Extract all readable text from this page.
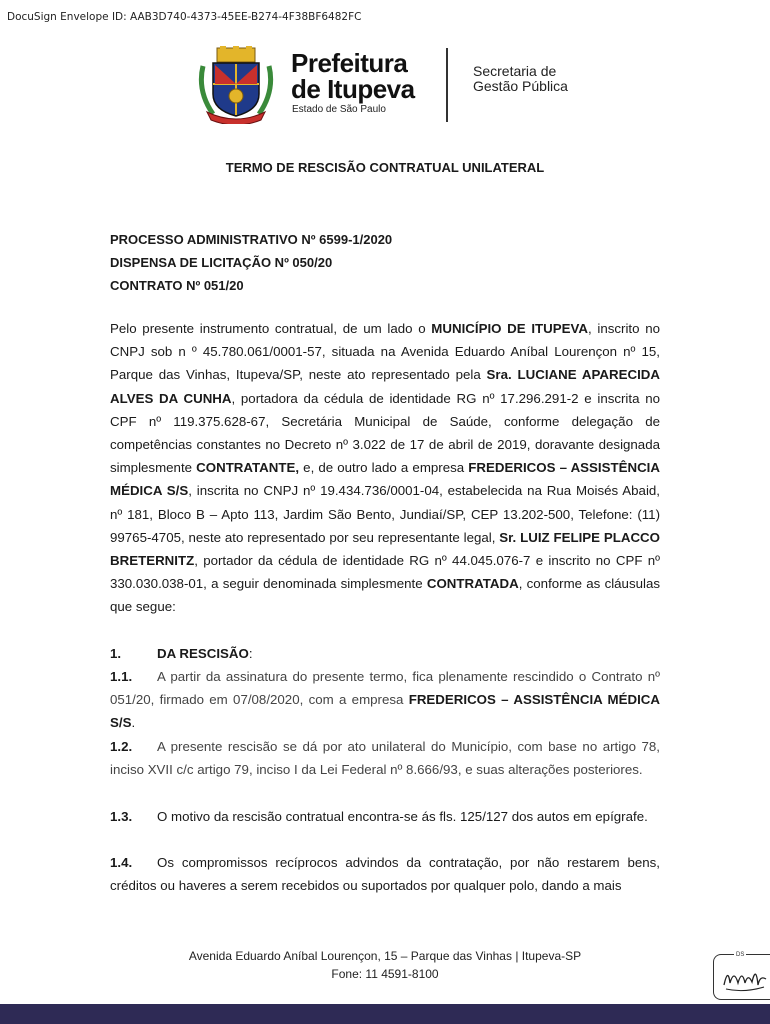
DocuSign Envelope ID: AAB3D740-4373-45EE-B274-4F38BF6482FC
Prefeitura
de Itupeva
Estado de São Paulo
Secretaria de
Gestão Pública
TERMO DE RESCISÃO CONTRATUAL UNILATERAL
PROCESSO ADMINISTRATIVO Nº 6599-1/2020
DISPENSA DE LICITAÇÃO Nº 050/20
CONTRATO Nº 051/20
Pelo presente instrumento contratual, de um lado o MUNICÍPIO DE ITUPEVA, inscrito no CNPJ sob n º 45.780.061/0001-57, situada na Avenida Eduardo Aníbal Lourençon nº 15, Parque das Vinhas, Itupeva/SP, neste ato representado pela Sra. LUCIANE APARECIDA ALVES DA CUNHA, portadora da cédula de identidade RG nº 17.296.291-2 e inscrita no CPF nº 119.375.628-67, Secretária Municipal de Saúde, conforme delegação de competências constantes no Decreto nº 3.022 de 17 de abril de 2019, doravante designada simplesmente CONTRATANTE, e, de outro lado a empresa FREDERICOS – ASSISTÊNCIA MÉDICA S/S, inscrita no CNPJ nº 19.434.736/0001-04, estabelecida na Rua Moisés Abaid, nº 181, Bloco B – Apto 113, Jardim São Bento, Jundiaí/SP, CEP 13.202-500, Telefone: (11) 99765-4705, neste ato representado por seu representante legal, Sr. LUIZ FELIPE PLACCO BRETERNITZ, portador da cédula de identidade RG nº 44.045.076-7 e inscrito no CPF nº 330.030.038-01, a seguir denominada simplesmente CONTRATADA, conforme as cláusulas que segue:
1.	DA RESCISÃO:
1.1. A partir da assinatura do presente termo, fica plenamente rescindido o Contrato nº 051/20, firmado em 07/08/2020, com a empresa FREDERICOS – ASSISTÊNCIA MÉDICA S/S.
1.2. A presente rescisão se dá por ato unilateral do Município, com base no artigo 78, inciso XVII c/c artigo 79, inciso I da Lei Federal nº 8.666/93, e suas alterações posteriores.
1.3. O motivo da rescisão contratual encontra-se ás fls. 125/127 dos autos em epígrafe.
1.4. Os compromissos recíprocos advindos da contratação, por não restarem bens, créditos ou haveres a serem recebidos ou suportados por qualquer polo, dando a mais
Avenida Eduardo Aníbal Lourençon, 15 – Parque das Vinhas | Itupeva-SP
Fone: 11 4591-8100
DS
